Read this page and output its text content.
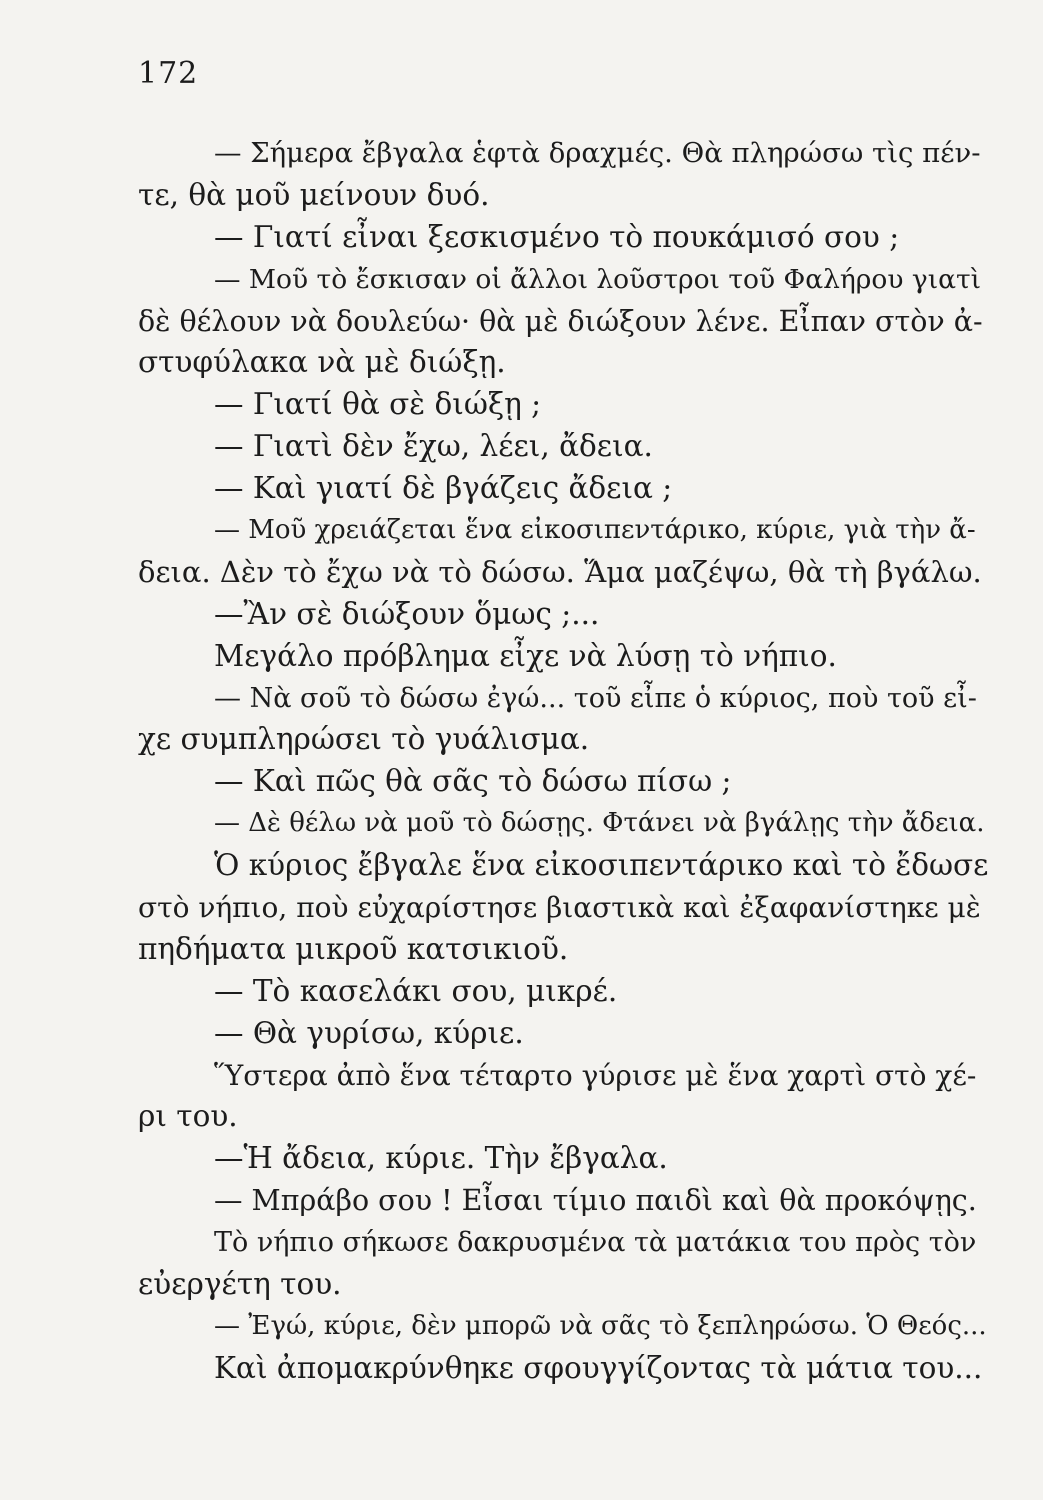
172
— Σήμερα ἔβγαλα ἑφτὰ δραχμές. Θὰ πληρώσω τὶς πέν-
τε, θὰ μοῦ μείνουν δυό.
— Γιατί εἶναι ξεσκισμένο τὸ πουκάμισό σου ;
— Μοῦ τὸ ἔσκισαν οἱ ἄλλοι λοῦστροι τοῦ Φαλήρου γιατὶ
δὲ θέλουν νὰ δουλεύω· θὰ μὲ διώξουν λένε. Εἶπαν στὸν ἀ-
στυφύλακα νὰ μὲ διώξῃ.
— Γιατί θὰ σὲ διώξῃ ;
— Γιατὶ δὲν ἔχω, λέει, ἄδεια.
— Καὶ γιατί δὲ βγάζεις ἄδεια ;
— Μοῦ χρειάζεται ἕνα εἰκοσιπεντάρικο, κύριε, γιὰ τὴν ἄ-
δεια. Δὲν τὸ ἔχω νὰ τὸ δώσω. Ἅμα μαζέψω, θὰ τὴ βγάλω.
—Ἂν σὲ διώξουν ὅμως ;...
Μεγάλο πρόβλημα εἶχε νὰ λύσῃ τὸ νήπιο.
— Νὰ σοῦ τὸ δώσω ἐγώ... τοῦ εἶπε ὁ κύριος, ποὺ τοῦ εἶ-
χε συμπληρώσει τὸ γυάλισμα.
— Καὶ πῶς θὰ σᾶς τὸ δώσω πίσω ;
— Δὲ θέλω νὰ μοῦ τὸ δώσῃς. Φτάνει νὰ βγάλῃς τὴν ἄδεια.
Ὁ κύριος ἔβγαλε ἕνα εἰκοσιπεντάρικο καὶ τὸ ἔδωσε
στὸ νήπιο, ποὺ εὐχαρίστησε βιαστικὰ καὶ ἐξαφανίστηκε μὲ
πηδήματα μικροῦ κατσικιοῦ.
— Τὸ κασελάκι σου, μικρέ.
— Θὰ γυρίσω, κύριε.
Ὕστερα ἀπὸ ἕνα τέταρτο γύρισε μὲ ἕνα χαρτὶ στὸ χέ-
ρι του.
—Ἡ ἄδεια, κύριε. Τὴν ἔβγαλα.
— Μπράβο σου ! Εἶσαι τίμιο παιδὶ καὶ θὰ προκόψῃς.
Τὸ νήπιο σήκωσε δακρυσμένα τὰ ματάκια του πρὸς τὸν
εὐεργέτη του.
— Ἐγώ, κύριε, δὲν μπορῶ νὰ σᾶς τὸ ξεπληρώσω. Ὁ Θεός...
Καὶ ἀπομακρύνθηκε σφουγγίζοντας τὰ μάτια του...
